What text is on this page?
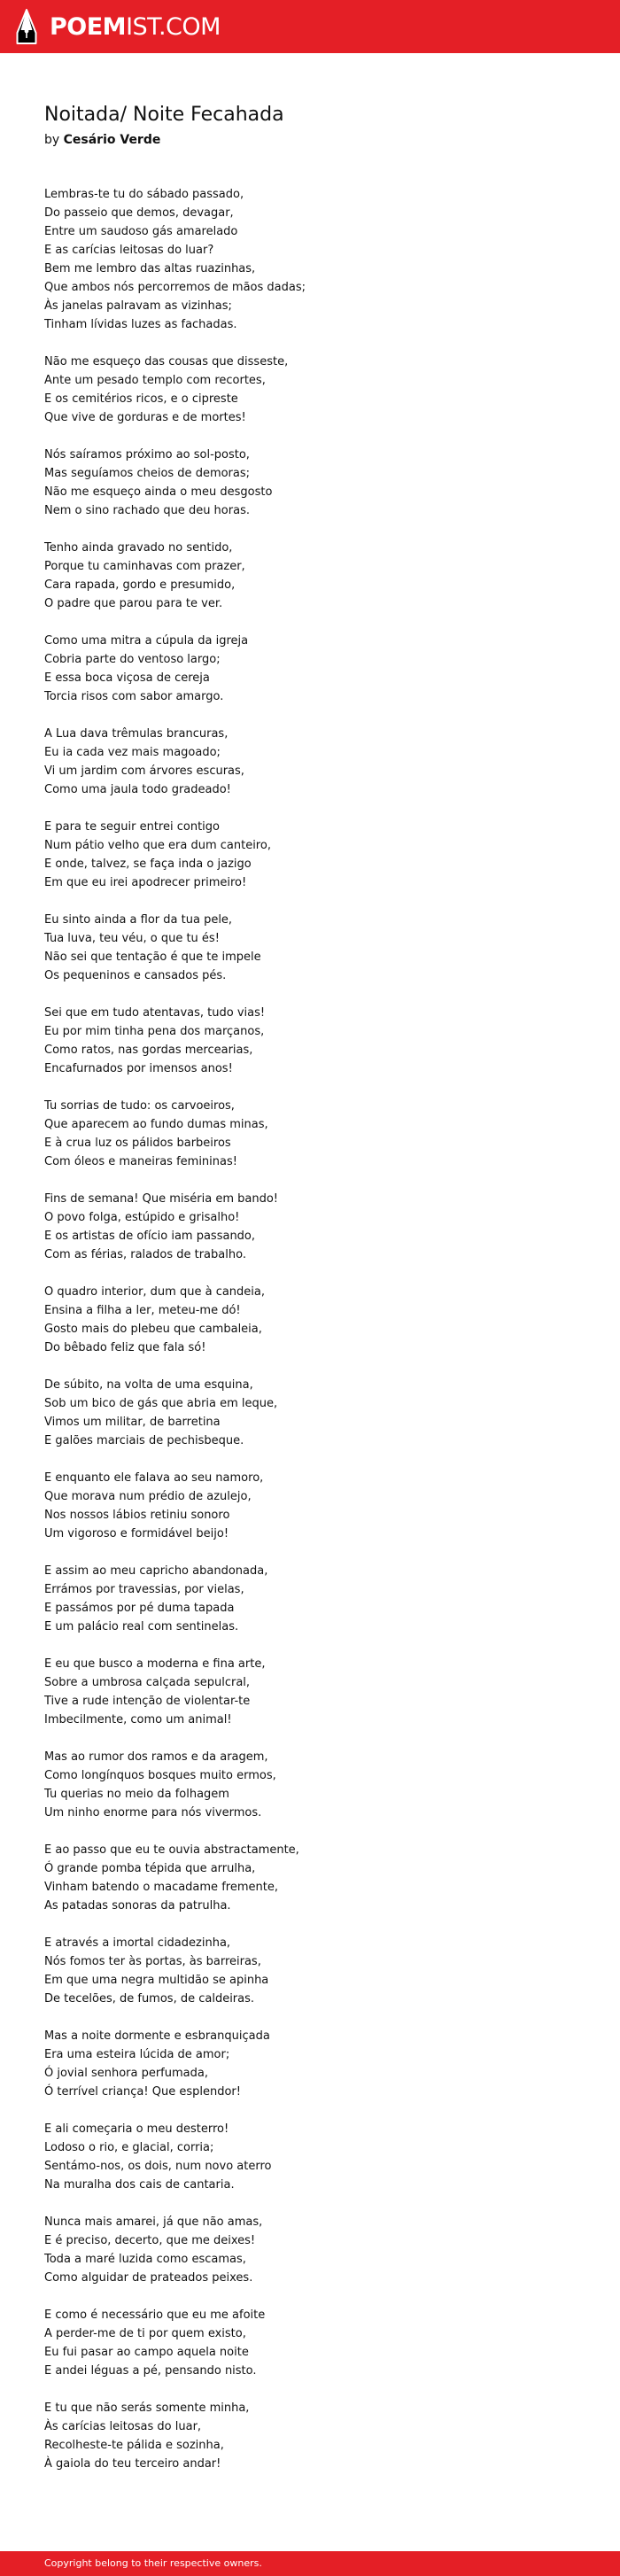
POEMIST.COM
Noitada/ Noite Fecahada
by Cesário Verde

Lembras-te tu do sábado passado,
Do passeio que demos, devagar,
Entre um saudoso gás amarelado
E as carícias leitosas do luar?
Bem me lembro das altas ruazinhas,
Que ambos nós percorremos de mãos dadas;
Às janelas palravam as vizinhas;
Tinham lívidas luzes as fachadas.

Não me esqueço das cousas que disseste,
Ante um pesado templo com recortes,
E os cemitérios ricos, e o cipreste
Que vive de gorduras e de mortes!

Nós saíramos próximo ao sol-posto,
Mas seguíamos cheios de demoras;
Não me esqueço ainda o meu desgosto
Nem o sino rachado que deu horas.

Tenho ainda gravado no sentido,
Porque tu caminhavas com prazer,
Cara rapada, gordo e presumido,
O padre que parou para te ver.

Como uma mitra a cúpula da igreja
Cobria parte do ventoso largo;
E essa boca viçosa de cereja
Torcia risos com sabor amargo.

A Lua dava trêmulas brancuras,
Eu ia cada vez mais magoado;
Vi um jardim com árvores escuras,
Como uma jaula todo gradeado!

E para te seguir entrei contigo
Num pátio velho que era dum canteiro,
E onde, talvez, se faça inda o jazigo
Em que eu irei apodrecer primeiro!

Eu sinto ainda a flor da tua pele,
Tua luva, teu véu, o que tu és!
Não sei que tentação é que te impele
Os pequeninos e cansados pés.

Sei que em tudo atentavas, tudo vias!
Eu por mim tinha pena dos marçanos,
Como ratos, nas gordas mercearias,
Encafurnados por imensos anos!

Tu sorrias de tudo: os carvoeiros,
Que aparecem ao fundo dumas minas,
E à crua luz os pálidos barbeiros
Com óleos e maneiras femininas!

Fins de semana! Que miséria em bando!
O povo folga, estúpido e grisalho!
E os artistas de ofício iam passando,
Com as férias, ralados de trabalho.

O quadro interior, dum que à candeia,
Ensina a filha a ler, meteu-me dó!
Gosto mais do plebeu que cambaleia,
Do bêbado feliz que fala só!

De súbito, na volta de uma esquina,
Sob um bico de gás que abria em leque,
Vimos um militar, de barretina
E galões marciais de pechisbeque.

E enquanto ele falava ao seu namoro,
Que morava num prédio de azulejo,
Nos nossos lábios retiniu sonoro
Um vigoroso e formidável beijo!

E assim ao meu capricho abandonada,
Errámos por travessias, por vielas,
E passámos por pé duma tapada
E um palácio real com sentinelas.

E eu que busco a moderna e fina arte,
Sobre a umbrosa calçada sepulcral,
Tive a rude intenção de violentar-te
Imbecilmente, como um animal!

Mas ao rumor dos ramos e da aragem,
Como longínquos bosques muito ermos,
Tu querias no meio da folhagem
Um ninho enorme para nós vivermos.

E ao passo que eu te ouvia abstractamente,
Ó grande pomba tépida que arrulha,
Vinham batendo o macadame fremente,
As patadas sonoras da patrulha.

E através a imortal cidadezinha,
Nós fomos ter às portas, às barreiras,
Em que uma negra multidão se apinha
De tecelões, de fumos, de caldeiras.

Mas a noite dormente e esbranquiçada
Era uma esteira lúcida de amor;
Ó jovial senhora perfumada,
Ó terrível criança! Que esplendor!

E ali começaria o meu desterro!
Lodoso o rio, e glacial, corria;
Sentámo-nos, os dois, num novo aterro
Na muralha dos cais de cantaria.

Nunca mais amarei, já que não amas,
E é preciso, decerto, que me deixes!
Toda a maré luzida como escamas,
Como alguidar de prateados peixes.

E como é necessário que eu me afoite
A perder-me de ti por quem existo,
Eu fui pasar ao campo aquela noite
E andei léguas a pé, pensando nisto.

E tu que não serás somente minha,
Às carícias leitosas do luar,
Recolheste-te pálida e sozinha,
À gaiola do teu terceiro andar!

Copyright belong to their respective owners.
